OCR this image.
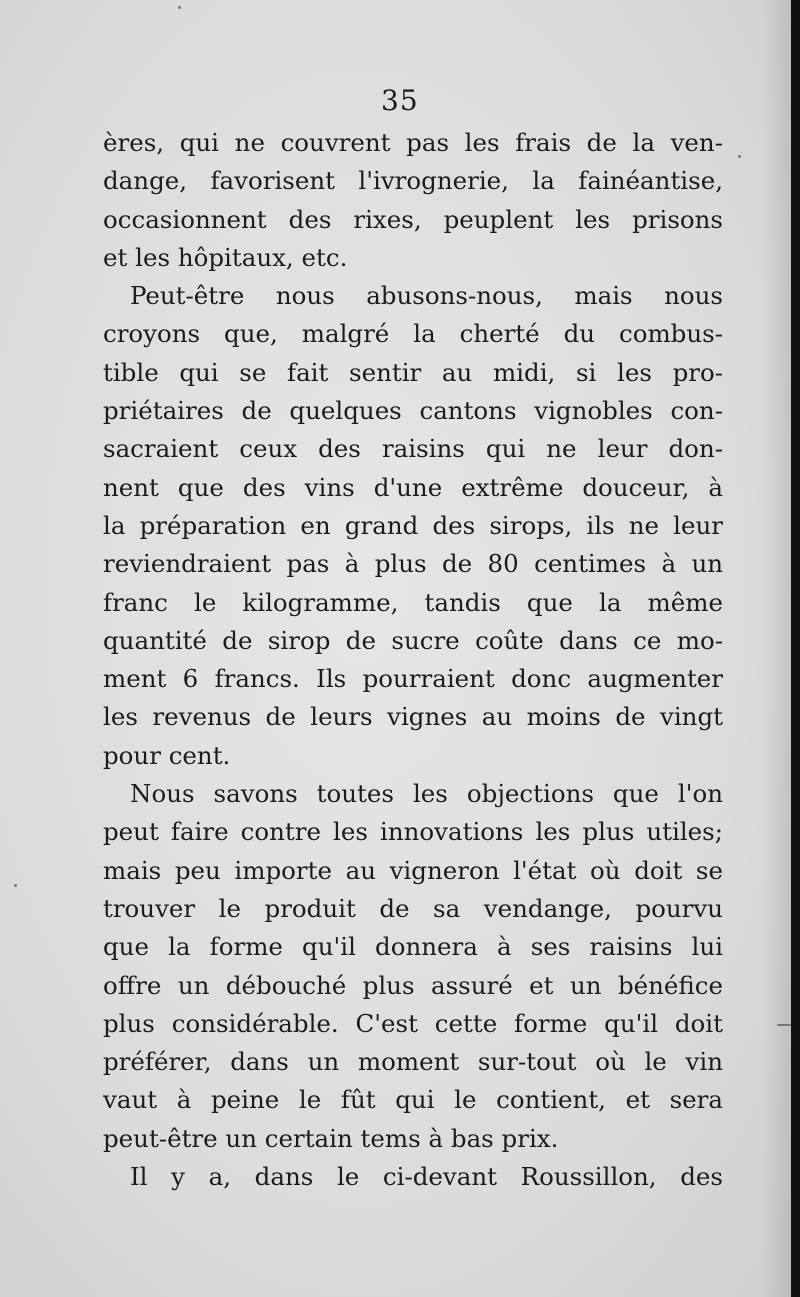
35
ères, qui ne couvrent pas les frais de la ven-
dange, favorisent l'ivrognerie, la fainéantise,
occasionnent des rixes, peuplent les prisons
et les hôpitaux, etc.
Peut-être nous abusons-nous, mais nous
croyons que, malgré la cherté du combus-
tible qui se fait sentir au midi, si les pro-
priétaires de quelques cantons vignobles con-
sacraient ceux des raisins qui ne leur don-
nent que des vins d'une extrême douceur, à
la préparation en grand des sirops, ils ne leur
reviendraient pas à plus de 80 centimes à un
franc le kilogramme, tandis que la même
quantité de sirop de sucre coûte dans ce mo-
ment 6 francs. Ils pourraient donc augmenter
les revenus de leurs vignes au moins de vingt
pour cent.
Nous savons toutes les objections que l'on
peut faire contre les innovations les plus utiles;
mais peu importe au vigneron l'état où doit se
trouver le produit de sa vendange, pourvu
que la forme qu'il donnera à ses raisins lui
offre un débouché plus assuré et un bénéfice
plus considérable. C'est cette forme qu'il doit
préférer, dans un moment sur-tout où le vin
vaut à peine le fût qui le contient, et sera
peut-être un certain tems à bas prix.
Il y a, dans le ci-devant Roussillon, des
